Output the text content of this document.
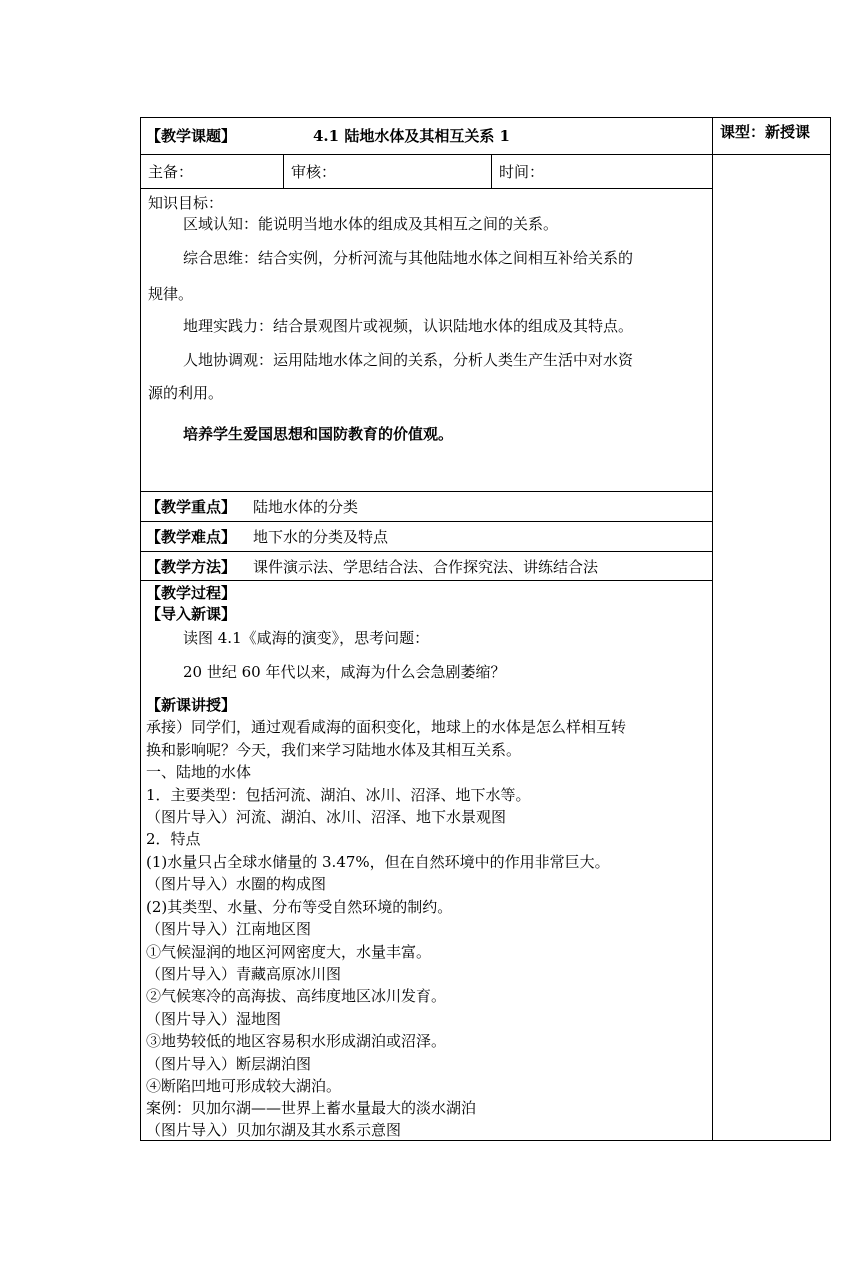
【教学课题】	4.1 陆地水体及其相互关系 1	课型：新授课
主备：	审核：	时间：
知识目标：
区域认知：能说明当地水体的组成及其相互之间的关系。
综合思维：结合实例，分析河流与其他陆地水体之间相互补给关系的
规律。
地理实践力：结合景观图片或视频，认识陆地水体的组成及其特点。
人地协调观：运用陆地水体之间的关系，分析人类生产生活中对水资
源的利用。
培养学生爱国思想和国防教育的价值观。
【教学重点】 陆地水体的分类
【教学难点】 地下水的分类及特点
【教学方法】 课件演示法、学思结合法、合作探究法、讲练结合法
【教学过程】
【导入新课】
读图 4.1《咸海的演变》，思考问题：
20 世纪 60 年代以来，咸海为什么会急剧萎缩？
【新课讲授】
承接）同学们，通过观看咸海的面积变化，地球上的水体是怎么样相互转
换和影响呢？今天，我们来学习陆地水体及其相互关系。
一、陆地的水体
1．主要类型：包括河流、湖泊、冰川、沼泽、地下水等。
（图片导入）河流、湖泊、冰川、沼泽、地下水景观图
2．特点
(1)水量只占全球水储量的 3.47%，但在自然环境中的作用非常巨大。
（图片导入）水圈的构成图
(2)其类型、水量、分布等受自然环境的制约。
（图片导入）江南地区图
①气候湿润的地区河网密度大，水量丰富。
（图片导入）青藏高原冰川图
②气候寒冷的高海拔、高纬度地区冰川发育。
（图片导入）湿地图
③地势较低的地区容易积水形成湖泊或沼泽。
（图片导入）断层湖泊图
④断陷凹地可形成较大湖泊。
案例：贝加尔湖——世界上蓄水量最大的淡水湖泊
（图片导入）贝加尔湖及其水系示意图
